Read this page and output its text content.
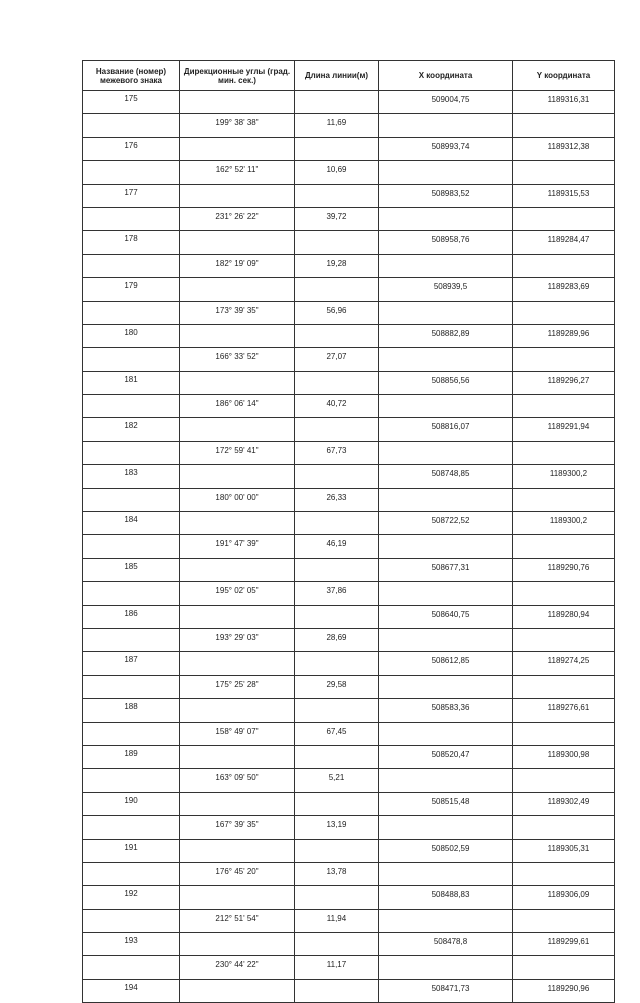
Название (номер) межевого знака	Дирекционные углы (град. мин. сек.)	Длина линии(м)	X координата	Y координата
175			509004,75	1189316,31
	199° 38' 38"	11,69		
176			508993,74	1189312,38
	162° 52' 11"	10,69		
177			508983,52	1189315,53
	231° 26' 22"	39,72		
178			508958,76	1189284,47
	182° 19' 09"	19,28		
179			508939,5	1189283,69
	173° 39' 35"	56,96		
180			508882,89	1189289,96
	166° 33' 52"	27,07		
181			508856,56	1189296,27
	186° 06' 14"	40,72		
182			508816,07	1189291,94
	172° 59' 41"	67,73		
183			508748,85	1189300,2
	180° 00' 00"	26,33		
184			508722,52	1189300,2
	191° 47' 39"	46,19		
185			508677,31	1189290,76
	195° 02' 05"	37,86		
186			508640,75	1189280,94
	193° 29' 03"	28,69		
187			508612,85	1189274,25
	175° 25' 28"	29,58		
188			508583,36	1189276,61
	158° 49' 07"	67,45		
189			508520,47	1189300,98
	163° 09' 50"	5,21		
190			508515,48	1189302,49
	167° 39' 35"	13,19		
191			508502,59	1189305,31
	176° 45' 20"	13,78		
192			508488,83	1189306,09
	212° 51' 54"	11,94		
193			508478,8	1189299,61
	230° 44' 22"	11,17		
194			508471,73	1189290,96
